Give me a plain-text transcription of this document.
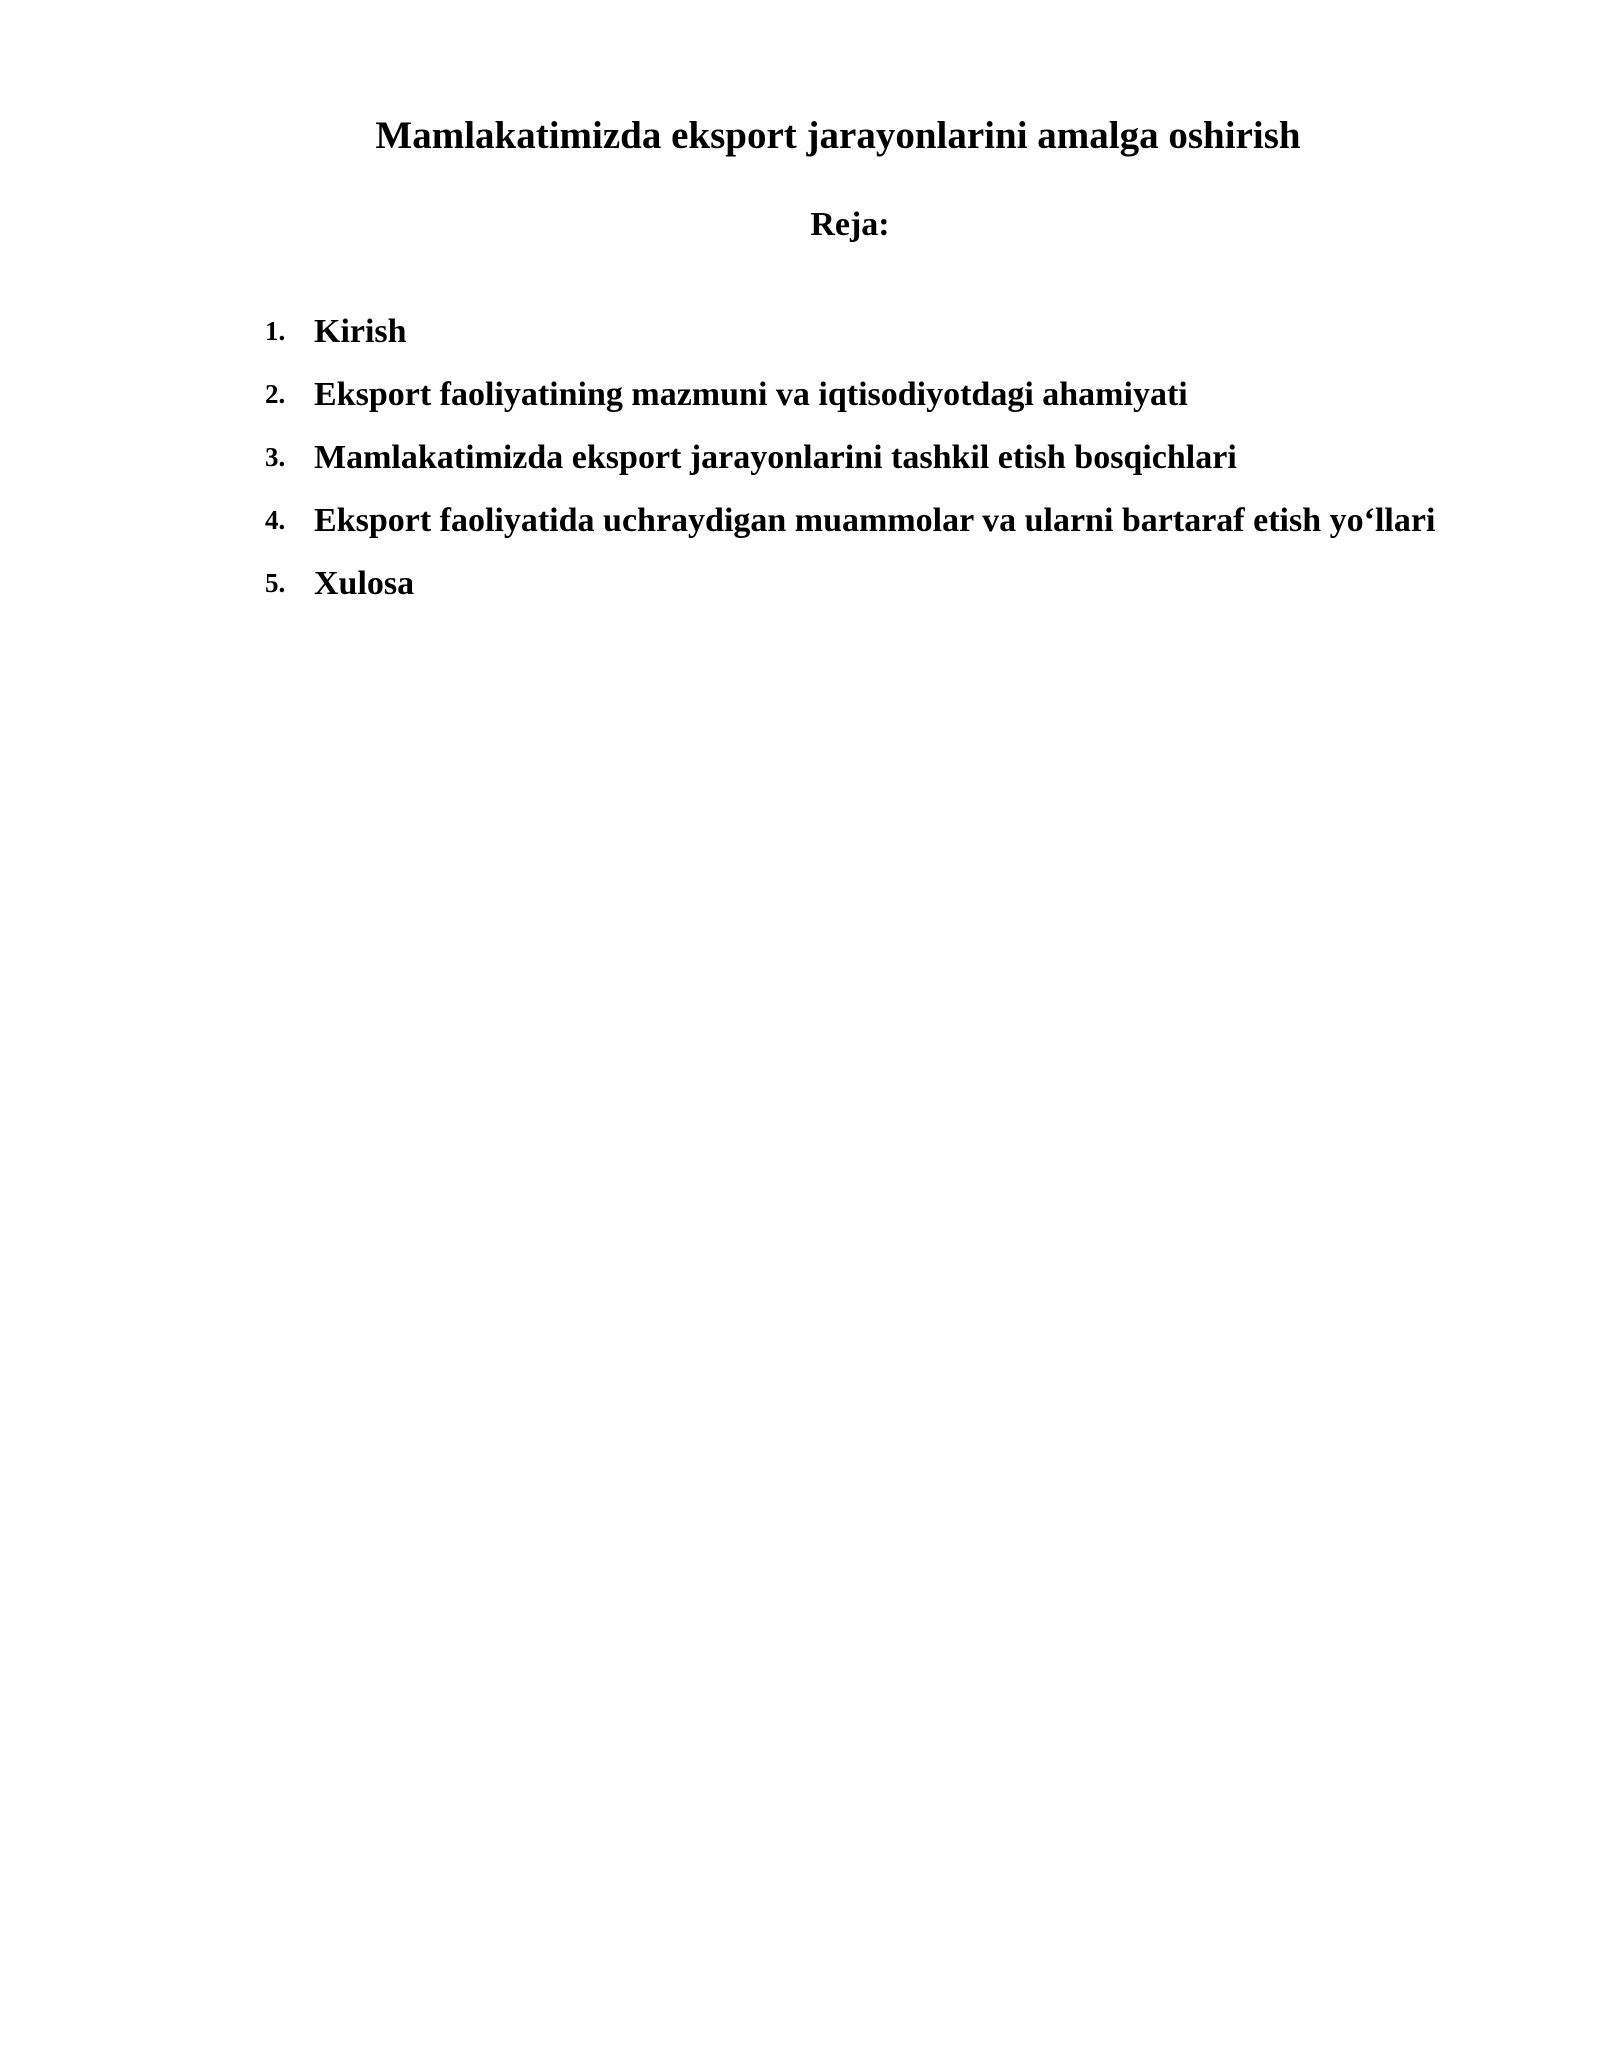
Mamlakatimizda eksport jarayonlarini amalga oshirish
Reja:
1. Kirish
2. Eksport faoliyatining mazmuni va iqtisodiyotdagi ahamiyati
3. Mamlakatimizda eksport jarayonlarini tashkil etish bosqichlari
4. Eksport faoliyatida uchraydigan muammolar va ularni bartaraf etish yo‘llari
5. Xulosa
